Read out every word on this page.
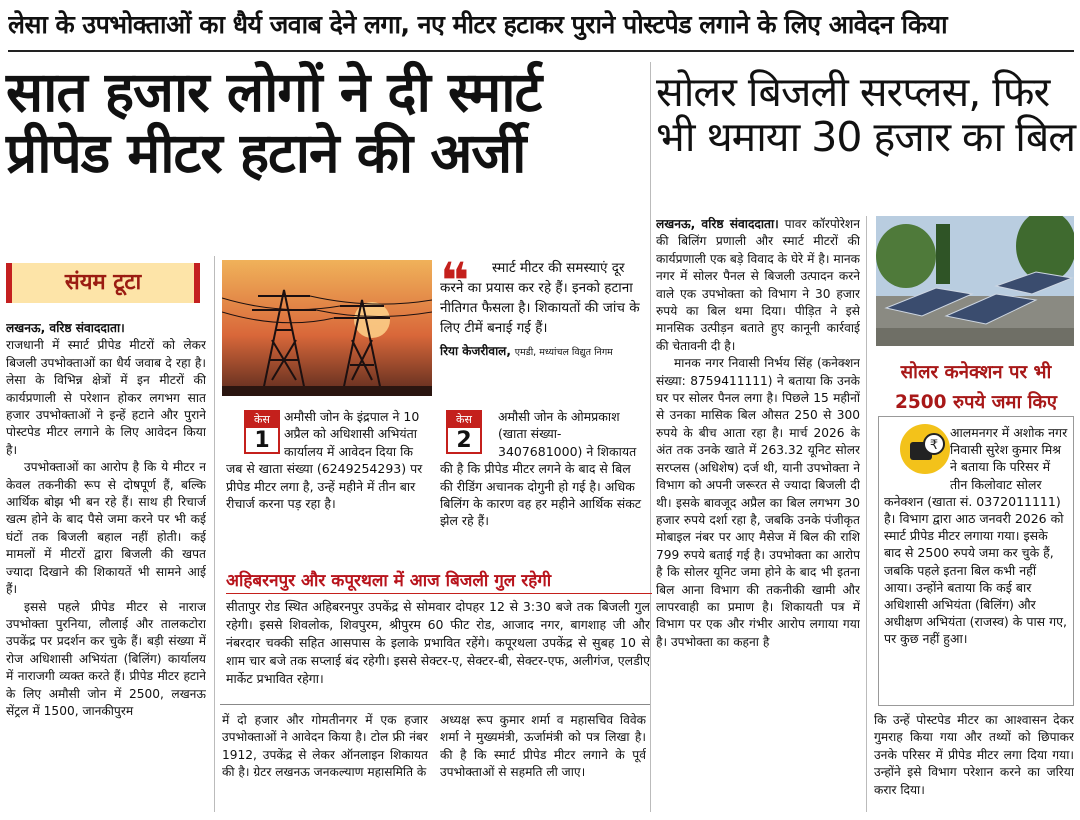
लेसा के उपभोक्ताओं का धैर्य जवाब देने लगा, नए मीटर हटाकर पुराने पोस्टपेड लगाने के लिए आवेदन किया
सात हजार लोगों ने दी स्मार्ट
प्रीपेड मीटर हटाने की अर्जी
सोलर बिजली सरप्लस, फिर
भी थमाया 30 हजार का बिल
संयम टूटा

लखनऊ, वरिष्ठ संवाददाता।

राजधानी में स्मार्ट प्रीपेड मीटरों को लेकर बिजली उपभोक्ताओं का धैर्य जवाब दे रहा है। लेसा के विभिन्न क्षेत्रों में इन मीटरों की कार्यप्रणाली से परेशान होकर लगभग सात हजार उपभोक्ताओं ने इन्हें हटाने और पुराने पोस्टपेड मीटर लगाने के लिए आवेदन किया है।

उपभोक्ताओं का आरोप है कि ये मीटर न केवल तकनीकी रूप से दोषपूर्ण हैं, बल्कि आर्थिक बोझ भी बन रहे हैं। साथ ही रिचार्ज खत्म होने के बाद पैसे जमा करने पर भी कई घंटों तक बिजली बहाल नहीं होती। कई मामलों में मीटरों द्वारा बिजली की खपत ज्यादा दिखाने की शिकायतें भी सामने आई हैं।

इससे पहले प्रीपेड मीटर से नाराज उपभोक्ता पुरनिया, लौलाई और तालकटोरा उपकेंद्र पर प्रदर्शन कर चुके हैं। बड़ी संख्या में रोज अधिशासी अभियंता (बिलिंग) कार्यालय में नाराजगी व्यक्त करते हैं। प्रीपेड मीटर हटाने के लिए अमौसी जोन में 2500, लखनऊ सेंट्रल में 1500, जानकीपुरम

❝	स्मार्ट मीटर की समस्याएं दूर करने का प्रयास कर रहे हैं। इनको हटाना नीतिगत फैसला है। शिकायतों की जांच के लिए टीमें बनाई गई हैं।
रिया केजरीवाल, एमडी, मध्यांचल विद्युत निगम
केस
1
अमौसी जोन के इंद्रपाल ने 10 अप्रैल को अधिशासी अभियंता कार्यालय में आवेदन दिया कि जब से खाता संख्या (6249254293) पर प्रीपेड मीटर लगा है, उन्हें महीने में तीन बार रीचार्ज करना पड़ रहा है।
केस
2
अमौसी जोन के ओमप्रकाश (खाता संख्या- 3407681000) ने शिकायत की है कि प्रीपेड मीटर लगने के बाद से बिल की रीडिंग अचानक दोगुनी हो गई है। अधिक बिलिंग के कारण वह हर महीने आर्थिक संकट झेल रहे हैं।
अहिबरनपुर और कपूरथला में आज बिजली गुल रहेगी
सीतापुर रोड स्थित अहिबरनपुर उपकेंद्र से सोमवार दोपहर 12 से 3:30 बजे तक बिजली गुल रहेगी। इससे शिवलोक, शिवपुरम, श्रीपुरम 60 फीट रोड, आजाद नगर, बागशाह जी और नंबरदार चक्की सहित आसपास के इलाके प्रभावित रहेंगे। कपूरथला उपकेंद्र से सुबह 10 से शाम चार बजे तक सप्लाई बंद रहेगी। इससे सेक्टर-ए, सेक्टर-बी, सेक्टर-एफ, अलीगंज, एलडीए मार्केट प्रभावित रहेगा।
में दो हजार और गोमतीनगर में एक हजार उपभोक्ताओं ने आवेदन किया है। टोल फ्री नंबर 1912, उपकेंद्र से लेकर ऑनलाइन शिकायत की है। ग्रेटर लखनऊ जनकल्याण महासमिति के
अध्यक्ष रूप कुमार शर्मा व महासचिव विवेक शर्मा ने मुख्यमंत्री, ऊर्जामंत्री को पत्र लिखा है। की है कि स्मार्ट प्रीपेड मीटर लगाने के पूर्व उपभोक्ताओं से सहमति ली जाए।

लखनऊ, वरिष्ठ संवाददाता। पावर कॉरपोरेशन की बिलिंग प्रणाली और स्मार्ट मीटरों की कार्यप्रणाली एक बड़े विवाद के घेरे में है। मानक नगर में सोलर पैनल से बिजली उत्पादन करने वाले एक उपभोक्ता को विभाग ने 30 हजार रुपये का बिल थमा दिया। पीड़ित ने इसे मानसिक उत्पीड़न बताते हुए कानूनी कार्रवाई की चेतावनी दी है।

मानक नगर निवासी निर्भय सिंह (कनेक्शन संख्या: 8759411111) ने बताया कि उनके घर पर सोलर पैनल लगा है। पिछले 15 महीनों से उनका मासिक बिल औसत 250 से 300 रुपये के बीच आता रहा है। मार्च 2026 के अंत तक उनके खाते में 263.32 यूनिट सोलर सरप्लस (अधिशेष) दर्ज थी, यानी उपभोक्ता ने विभाग को अपनी जरूरत से ज्यादा बिजली दी थी। इसके बावजूद अप्रैल का बिल लगभग 30 हजार रुपये दर्शा रहा है, जबकि उनके पंजीकृत मोबाइल नंबर पर आए मैसेज में बिल की राशि 799 रुपये बताई गई है। उपभोक्ता का आरोप है कि सोलर यूनिट जमा होने के बाद भी इतना बिल आना विभाग की तकनीकी खामी और लापरवाही का प्रमाण है। शिकायती पत्र में विभाग पर एक और गंभीर आरोप लगाया गया है। उपभोक्ता का कहना है

सोलर कनेक्शन पर भी 2500 रुपये जमा किए
₹
आलमनगर में अशोक नगर निवासी सुरेश कुमार मिश्र ने बताया कि परिसर में तीन किलोवाट सोलर कनेक्शन (खाता सं. 0372011111) है। विभाग द्वारा आठ जनवरी 2026 को स्मार्ट प्रीपेड मीटर लगाया गया। इसके बाद से 2500 रुपये जमा कर चुके हैं, जबकि पहले इतना बिल कभी नहीं आया। उन्होंने बताया कि कई बार अधिशासी अभियंता (बिलिंग) और अधीक्षण अभियंता (राजस्व) के पास गए, पर कुछ नहीं हुआ।
कि उन्हें पोस्टपेड मीटर का आश्वासन देकर गुमराह किया गया और तथ्यों को छिपाकर उनके परिसर में प्रीपेड मीटर लगा दिया गया। उन्होंने इसे विभाग परेशान करने का जरिया करार दिया।
